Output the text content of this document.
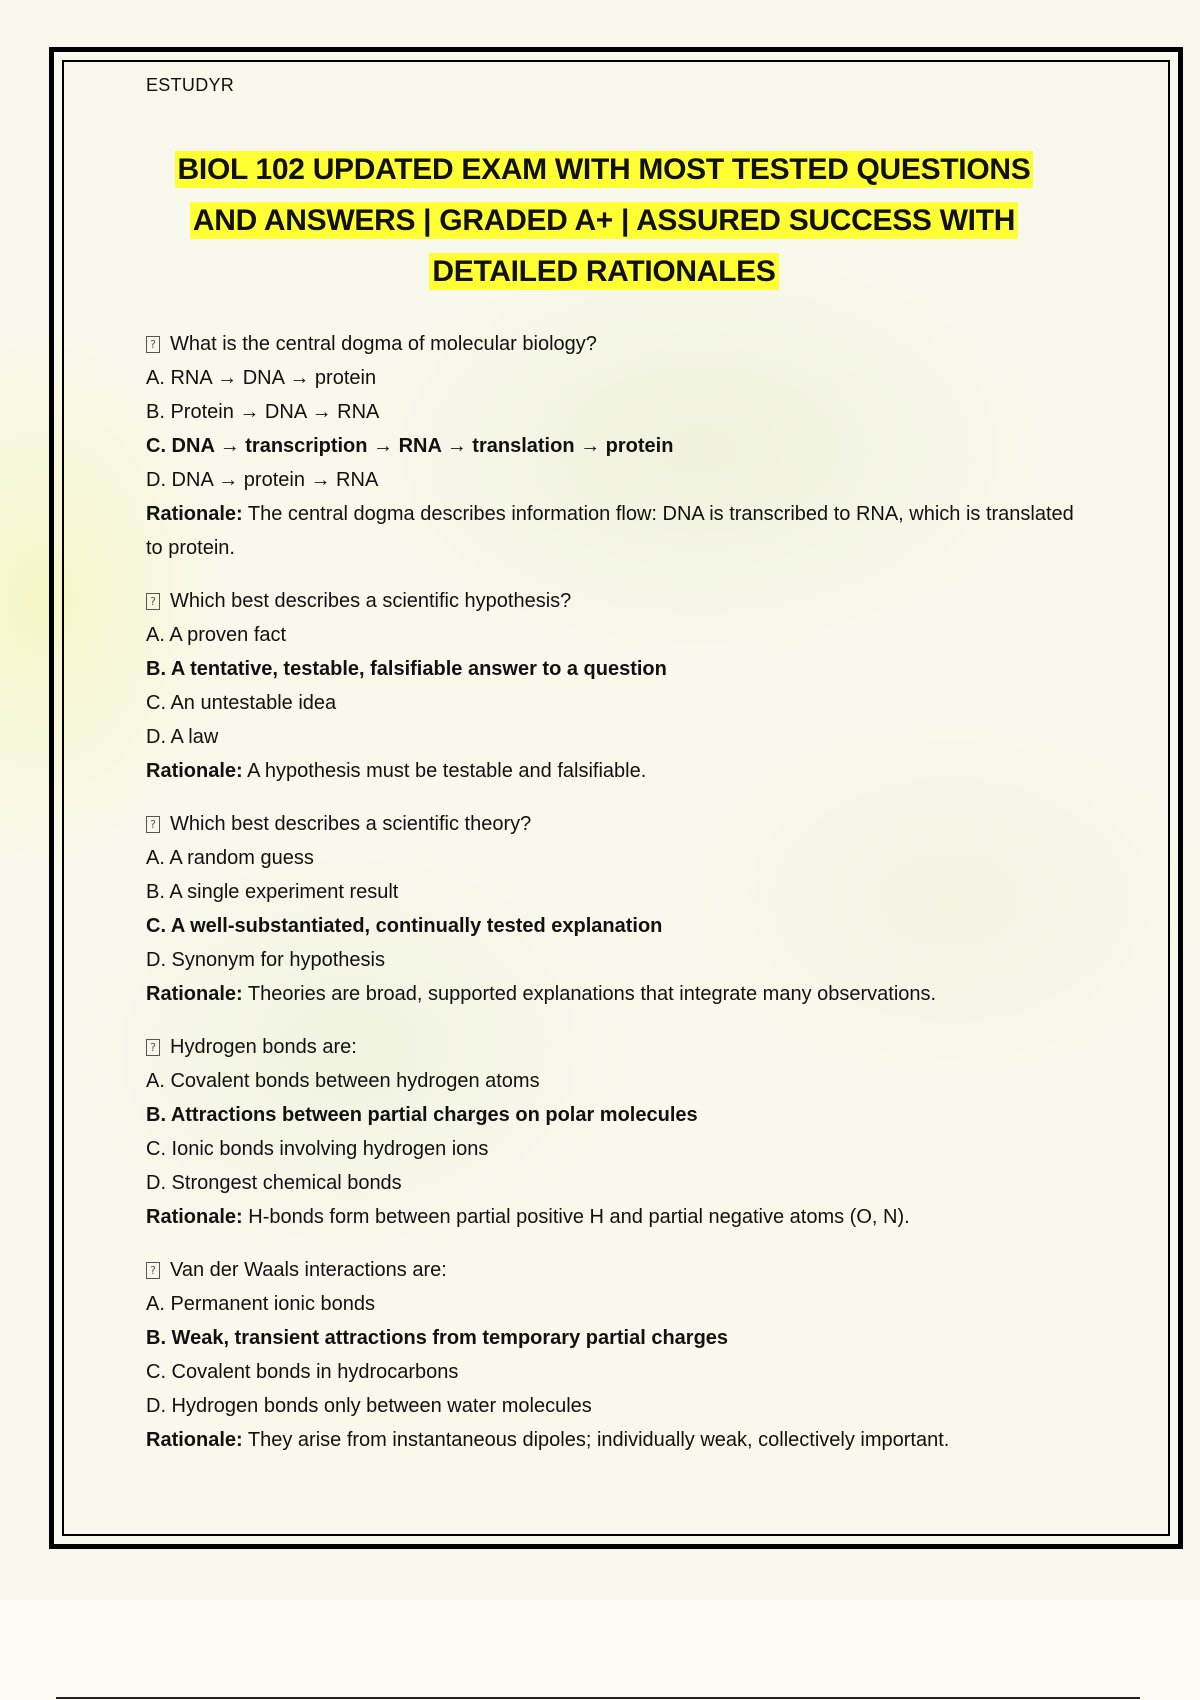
ESTUDYR

BIOL 102 UPDATED EXAM WITH MOST TESTED QUESTIONS
AND ANSWERS | GRADED A+ | ASSURED SUCCESS WITH
DETAILED RATIONALES
? What is the central dogma of molecular biology?
A. RNA → DNA → protein
B. Protein → DNA → RNA
C. DNA → transcription → RNA → translation → protein
D. DNA → protein → RNA
Rationale: The central dogma describes information flow: DNA is transcribed to RNA, which is translated to protein.
? Which best describes a scientific hypothesis?
A. A proven fact
B. A tentative, testable, falsifiable answer to a question
C. An untestable idea
D. A law
Rationale: A hypothesis must be testable and falsifiable.
? Which best describes a scientific theory?
A. A random guess
B. A single experiment result
C. A well-substantiated, continually tested explanation
D. Synonym for hypothesis
Rationale: Theories are broad, supported explanations that integrate many observations.
? Hydrogen bonds are:
A. Covalent bonds between hydrogen atoms
B. Attractions between partial charges on polar molecules
C. Ionic bonds involving hydrogen ions
D. Strongest chemical bonds
Rationale: H-bonds form between partial positive H and partial negative atoms (O, N).
? Van der Waals interactions are:
A. Permanent ionic bonds
B. Weak, transient attractions from temporary partial charges
C. Covalent bonds in hydrocarbons
D. Hydrogen bonds only between water molecules
Rationale: They arise from instantaneous dipoles; individually weak, collectively important.
